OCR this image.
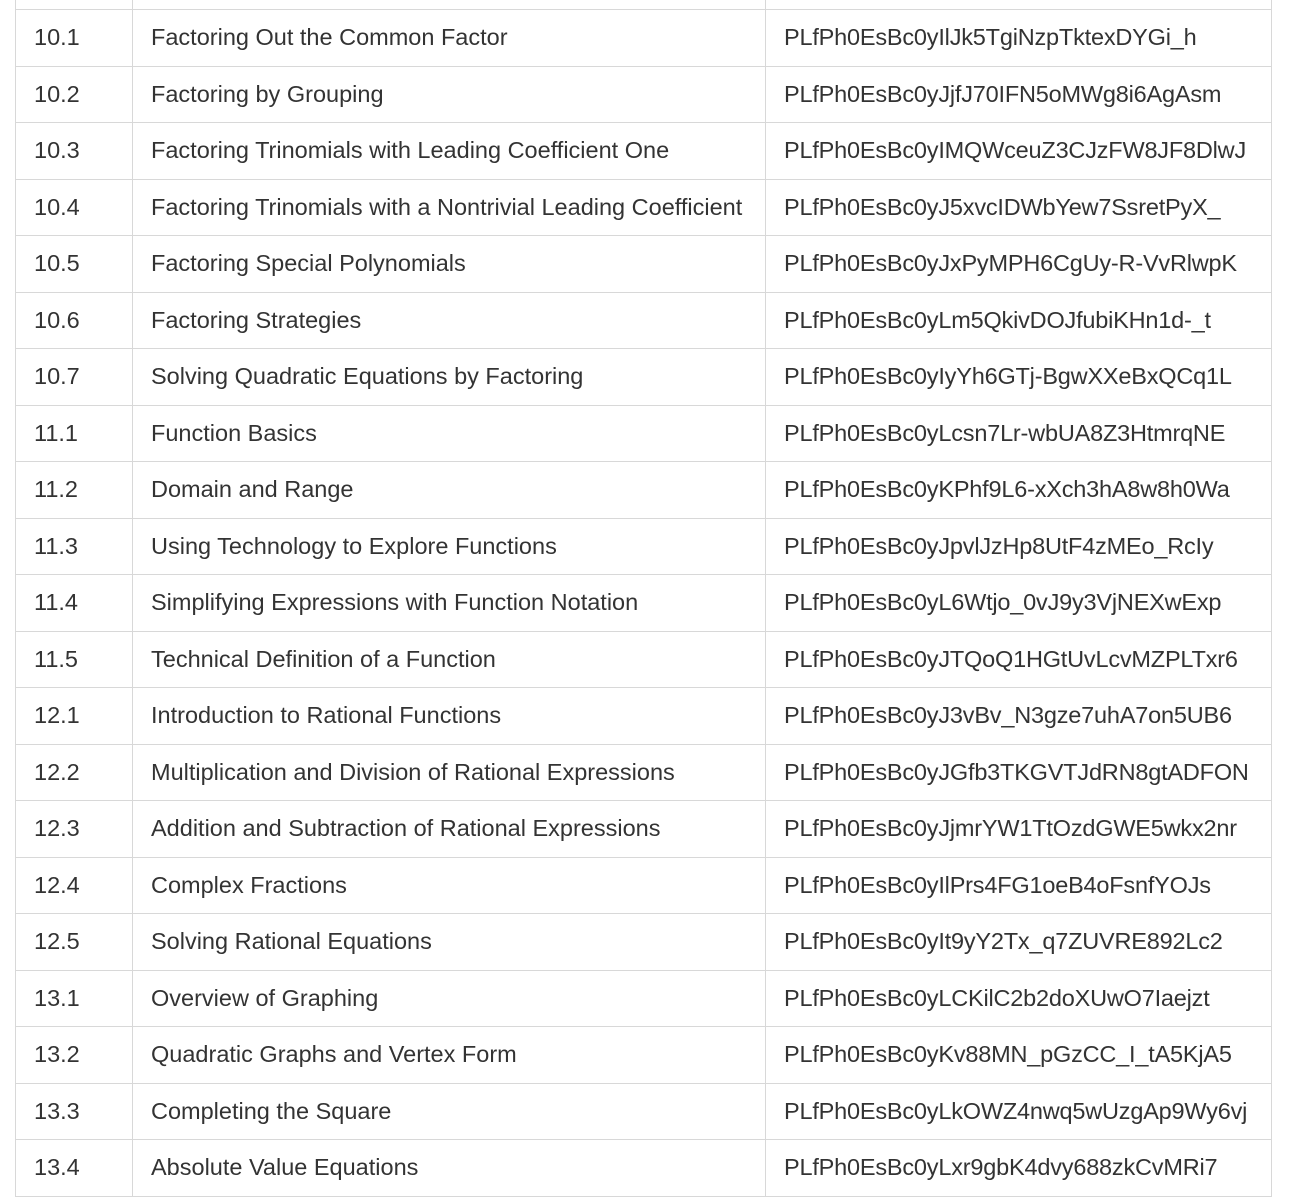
10.1	Factoring Out the Common Factor	PLfPh0EsBc0yIlJk5TgiNzpTktexDYGi_h
10.2	Factoring by Grouping	PLfPh0EsBc0yJjfJ70IFN5oMWg8i6AgAsm
10.3	Factoring Trinomials with Leading Coefficient One	PLfPh0EsBc0yIMQWceuZ3CJzFW8JF8DlwJ
10.4	Factoring Trinomials with a Nontrivial Leading Coefficient	PLfPh0EsBc0yJ5xvcIDWbYew7SsretPyX_
10.5	Factoring Special Polynomials	PLfPh0EsBc0yJxPyMPH6CgUy-R-VvRlwpK
10.6	Factoring Strategies	PLfPh0EsBc0yLm5QkivDOJfubiKHn1d-_t
10.7	Solving Quadratic Equations by Factoring	PLfPh0EsBc0yIyYh6GTj-BgwXXeBxQCq1L
11.1	Function Basics	PLfPh0EsBc0yLcsn7Lr-wbUA8Z3HtmrqNE
11.2	Domain and Range	PLfPh0EsBc0yKPhf9L6-xXch3hA8w8h0Wa
11.3	Using Technology to Explore Functions	PLfPh0EsBc0yJpvlJzHp8UtF4zMEo_RcIy
11.4	Simplifying Expressions with Function Notation	PLfPh0EsBc0yL6Wtjo_0vJ9y3VjNEXwExp
11.5	Technical Definition of a Function	PLfPh0EsBc0yJTQoQ1HGtUvLcvMZPLTxr6
12.1	Introduction to Rational Functions	PLfPh0EsBc0yJ3vBv_N3gze7uhA7on5UB6
12.2	Multiplication and Division of Rational Expressions	PLfPh0EsBc0yJGfb3TKGVTJdRN8gtADFON
12.3	Addition and Subtraction of Rational Expressions	PLfPh0EsBc0yJjmrYW1TtOzdGWE5wkx2nr
12.4	Complex Fractions	PLfPh0EsBc0yIlPrs4FG1oeB4oFsnfYOJs
12.5	Solving Rational Equations	PLfPh0EsBc0yIt9yY2Tx_q7ZUVRE892Lc2
13.1	Overview of Graphing	PLfPh0EsBc0yLCKilC2b2doXUwO7Iaejzt
13.2	Quadratic Graphs and Vertex Form	PLfPh0EsBc0yKv88MN_pGzCC_I_tA5KjA5
13.3	Completing the Square	PLfPh0EsBc0yLkOWZ4nwq5wUzgAp9Wy6vj
13.4	Absolute Value Equations	PLfPh0EsBc0yLxr9gbK4dvy688zkCvMRi7
